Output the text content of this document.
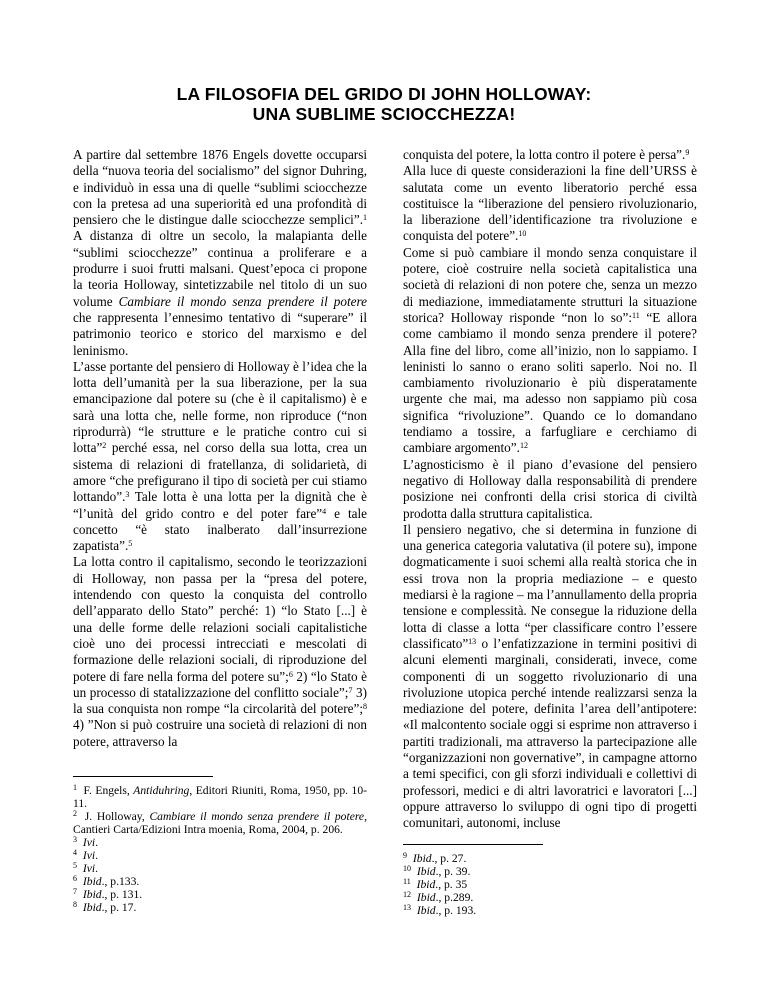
LA FILOSOFIA DEL GRIDO DI JOHN HOLLOWAY:
UNA SUBLIME SCIOCCHEZZA!

A partire dal settembre 1876 Engels dovette occuparsi della “nuova teoria del socialismo” del signor Duhring, e individuò in essa una di quelle “sublimi sciocchezze con la pretesa ad una superiorità ed una profondità di pensiero che le distingue dalle sciocchezze semplici”.$^1$ A distanza di oltre un secolo, la malapianta delle “sublimi sciocchezze” continua a proliferare e a produrre i suoi frutti malsani. Quest’epoca ci propone la teoria Holloway, sintetizzabile nel titolo di un suo volume Cambiare il mondo senza prendere il potere che rappresenta l’ennesimo tentativo di “superare” il patrimonio teorico e storico del marxismo e del leninismo.

L’asse portante del pensiero di Holloway è l’idea che la lotta dell’umanità per la sua liberazione, per la sua emancipazione dal potere su (che è il capitalismo) è e sarà una lotta che, nelle forme, non riproduce (“non riprodurrà) “le strutture e le pratiche contro cui si lotta”$^2$ perché essa, nel corso della sua lotta, crea un sistema di relazioni di fratellanza, di solidarietà, di amore “che prefigurano il tipo di società per cui stiamo lottando”.$^3$ Tale lotta è una lotta per la dignità che è “l’unità del grido contro e del poter fare”$^4$ e tale concetto “è stato inalberato dall’insurrezione zapatista”.$^5$

La lotta contro il capitalismo, secondo le teorizzazioni di Holloway, non passa per la “presa del potere, intendendo con questo la conquista del controllo dell’apparato dello Stato” perché: 1) “lo Stato [...] è una delle forme delle relazioni sociali capitalistiche cioè uno dei processi intrecciati e mescolati di formazione delle relazioni sociali, di riproduzione del potere di fare nella forma del potere su”;$^6$ 2) “lo Stato è un processo di statalizzazione del conflitto sociale”;$^7$ 3) la sua conquista non rompe “la circolarità del potere”;$^8$ 4) ”Non si può costruire una società di relazioni di non potere, attraverso la

$^1$ F. Engels, Antiduhring, Editori Riuniti, Roma, 1950, pp. 10-11.
$^2$ J. Holloway, Cambiare il mondo senza prendere il potere, Cantieri Carta/Edizioni Intra moenia, Roma, 2004, p. 206.
$^3$ Ivi.
$^4$ Ivi.
$^5$ Ivi.
$^6$ Ibid., p.133.
$^7$ Ibid., p. 131.
$^8$ Ibid., p. 17.

conquista del potere, la lotta contro il potere è persa”.$^9$

Alla luce di queste considerazioni la fine dell’URSS è salutata come un evento liberatorio perché essa costituisce la “liberazione del pensiero rivoluzionario, la liberazione dell’identificazione tra rivoluzione e conquista del potere”.$^{10}$

Come si può cambiare il mondo senza conquistare il potere, cioè costruire nella società capitalistica una società di relazioni di non potere che, senza un mezzo di mediazione, immediatamente strutturi la situazione storica? Holloway risponde “non lo so”:$^{11}$ “E allora come cambiamo il mondo senza prendere il potere? Alla fine del libro, come all’inizio, non lo sappiamo. I leninisti lo sanno o erano soliti saperlo. Noi no. Il cambiamento rivoluzionario è più disperatamente urgente che mai, ma adesso non sappiamo più cosa significa “rivoluzione”. Quando ce lo domandano tendiamo a tossire, a farfugliare e cerchiamo di cambiare argomento”.$^{12}$

L’agnosticismo è il piano d’evasione del pensiero negativo di Holloway dalla responsabilità di prendere posizione nei confronti della crisi storica di civiltà prodotta dalla struttura capitalistica.

Il pensiero negativo, che si determina in funzione di una generica categoria valutativa (il potere su), impone dogmaticamente i suoi schemi alla realtà storica che in essi trova non la propria mediazione – e questo mediarsi è la ragione – ma l’annullamento della propria tensione e complessità. Ne consegue la riduzione della lotta di classe a lotta “per classificare contro l’essere classificato”$^{13}$ o l’enfatizzazione in termini positivi di alcuni elementi marginali, considerati, invece, come componenti di un soggetto rivoluzionario di una rivoluzione utopica perché intende realizzarsi senza la mediazione del potere, definita l’area dell’antipotere: «Il malcontento sociale oggi si esprime non attraverso i partiti tradizionali, ma attraverso la partecipazione alle “organizzazioni non governative”, in campagne attorno a temi specifici, con gli sforzi individuali e collettivi di professori, medici e di altri lavoratrici e lavoratori [...] oppure attraverso lo sviluppo di ogni tipo di progetti comunitari, autonomi, incluse

$^9$ Ibid., p. 27.
$^{10}$ Ibid., p. 39.
$^{11}$ Ibid., p. 35
$^{12}$ Ibid., p.289.
$^{13}$ Ibid., p. 193.
